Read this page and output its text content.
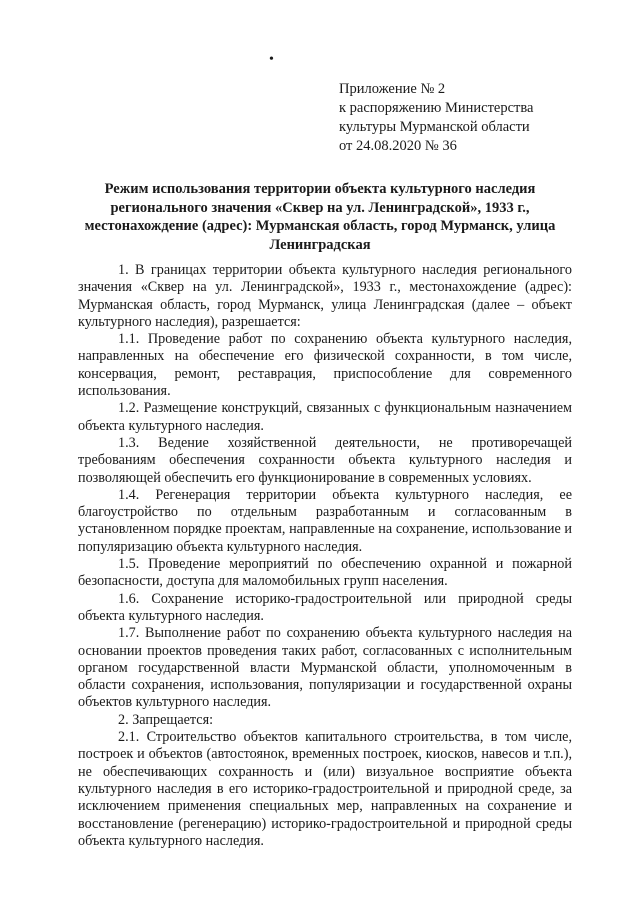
•
Приложение № 2
к распоряжению Министерства
культуры Мурманской области
от 24.08.2020 № 36
Режим использования территории объекта культурного наследия регионального значения «Сквер на ул. Ленинградской», 1933 г., местонахождение (адрес): Мурманская область, город Мурманск, улица Ленинградская

1. В границах территории объекта культурного наследия регионального значения «Сквер на ул. Ленинградской», 1933 г., местонахождение (адрес): Мурманская область, город Мурманск, улица Ленинградская (далее – объект культурного наследия), разрешается:

1.1. Проведение работ по сохранению объекта культурного наследия, направленных на обеспечение его физической сохранности, в том числе, консервация, ремонт, реставрация, приспособление для современного использования.

1.2. Размещение конструкций, связанных с функциональным назначением объекта культурного наследия.

1.3. Ведение хозяйственной деятельности, не противоречащей требованиям обеспечения сохранности объекта культурного наследия и позволяющей обеспечить его функционирование в современных условиях.

1.4. Регенерация территории объекта культурного наследия, ее благоустройство по отдельным разработанным и согласованным в установленном порядке проектам, направленные на сохранение, использование и популяризацию объекта культурного наследия.

1.5. Проведение мероприятий по обеспечению охранной и пожарной безопасности, доступа для маломобильных групп населения.

1.6. Сохранение историко-градостроительной или природной среды объекта культурного наследия.

1.7. Выполнение работ по сохранению объекта культурного наследия на основании проектов проведения таких работ, согласованных с исполнительным органом государственной власти Мурманской области, уполномоченным в области сохранения, использования, популяризации и государственной охраны объектов культурного наследия.

2. Запрещается:

2.1. Строительство объектов капитального строительства, в том числе, построек и объектов (автостоянок, временных построек, киосков, навесов и т.п.), не обеспечивающих сохранность и (или) визуальное восприятие объекта культурного наследия в его историко-градостроительной и природной среде, за исключением применения специальных мер, направленных на сохранение и восстановление (регенерацию) историко-градостроительной и природной среды объекта культурного наследия.
